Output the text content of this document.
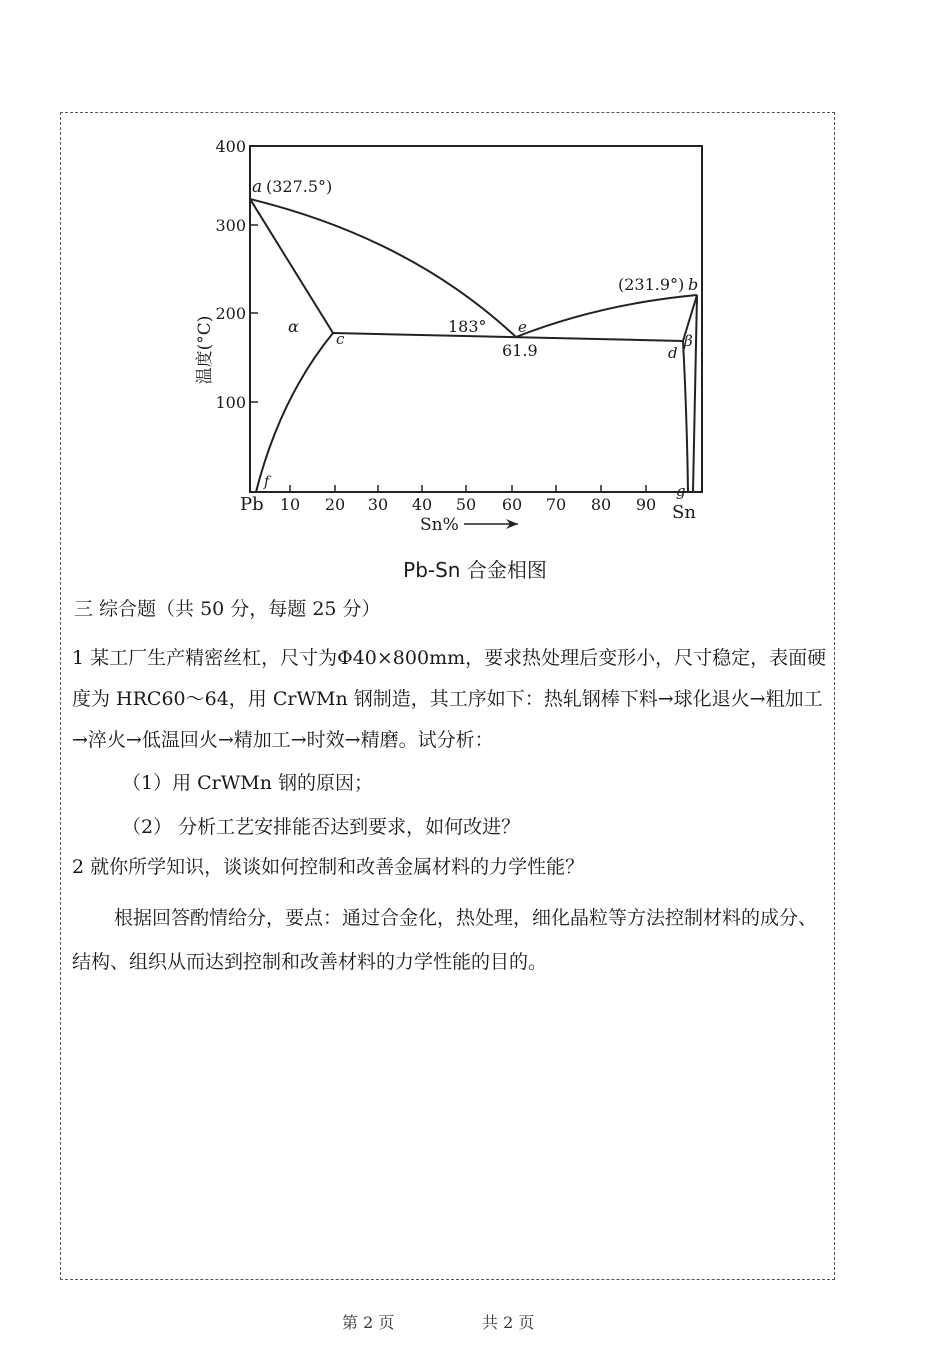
400
300
200
100
温度(°C)
Pb 10 20 30 40 50 60 70 80 90 Sn
Sn%
a (327.5°)
(231.9°) b
c
d
e
f	g
183°
61.9
α
β
Pb-Sn 合金相图
三 综合题（共 50 分，每题 25 分）
1 某工厂生产精密丝杠，尺寸为Φ40×800mm，要求热处理后变形小，尺寸稳定，表面硬度为 HRC60～64，用 CrWMn 钢制造，其工序如下：热轧钢棒下料→球化退火→粗加工→淬火→低温回火→精加工→时效→精磨。试分析：
（1）用 CrWMn 钢的原因；
（2） 分析工艺安排能否达到要求，如何改进？
2 就你所学知识，谈谈如何控制和改善金属材料的力学性能？
根据回答酌情给分，要点：通过合金化，热处理，细化晶粒等方法控制材料的成分、结构、组织从而达到控制和改善材料的力学性能的目的。
第 2 页	共 2 页
